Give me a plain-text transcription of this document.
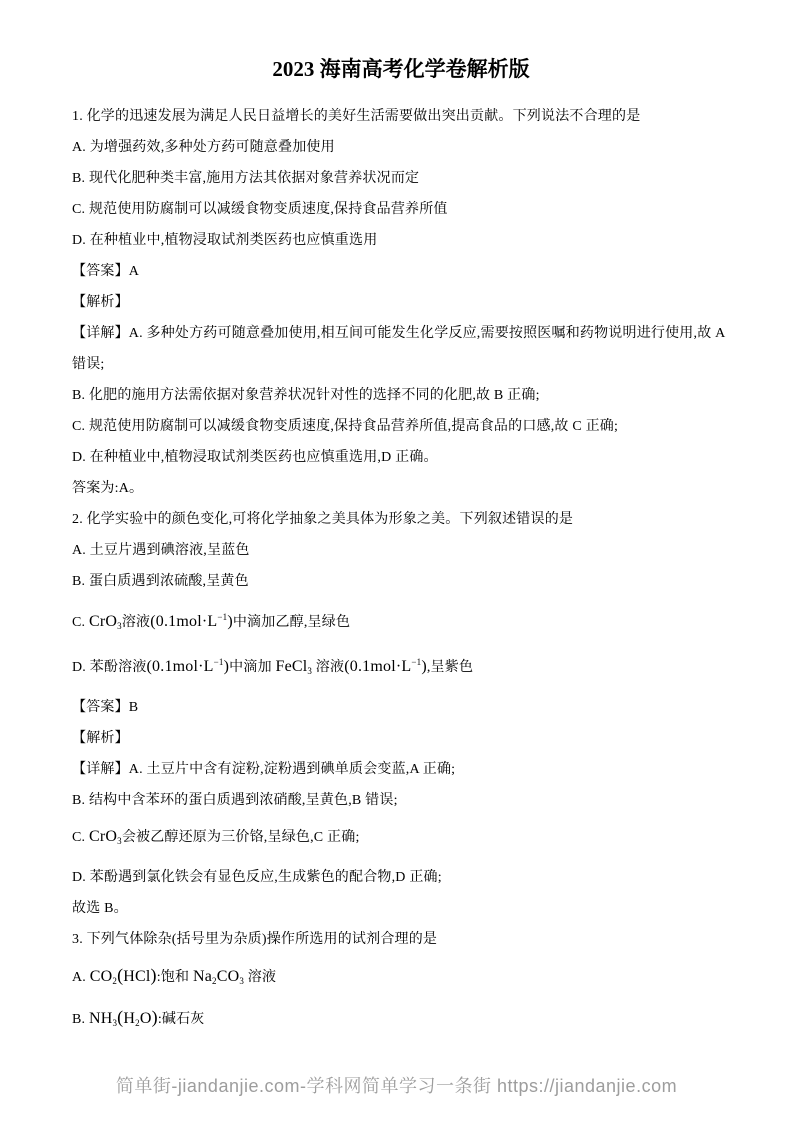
2023 海南高考化学卷解析版

1. 化学的迅速发展为满足人民日益增长的美好生活需要做出突出贡献。下列说法不合理的是

A. 为增强药效,多种处方药可随意叠加使用

B. 现代化肥种类丰富,施用方法其依据对象营养状况而定

C. 规范使用防腐制可以减缓食物变质速度,保持食品营养所值

D. 在种植业中,植物浸取试剂类医药也应慎重选用

【答案】A

【解析】

【详解】A. 多种处方药可随意叠加使用,相互间可能发生化学反应,需要按照医嘱和药物说明进行使用,故 A 错误;

B. 化肥的施用方法需依据对象营养状况针对性的选择不同的化肥,故 B 正确;

C. 规范使用防腐制可以减缓食物变质速度,保持食品营养所值,提高食品的口感,故 C 正确;

D. 在种植业中,植物浸取试剂类医药也应慎重选用,D 正确。

答案为:A。

2. 化学实验中的颜色变化,可将化学抽象之美具体为形象之美。下列叙述错误的是

A. 土豆片遇到碘溶液,呈蓝色

B. 蛋白质遇到浓硫酸,呈黄色

C. CrO$_3$溶液$(0.1mol\cdot L^{-1})$中滴加乙醇,呈绿色

D. 苯酚溶液$(0.1mol\cdot L^{-1})$中滴加 FeCl$_3$ 溶液$(0.1mol\cdot L^{-1})$,呈紫色

【答案】B

【解析】

【详解】A. 土豆片中含有淀粉,淀粉遇到碘单质会变蓝,A 正确;

B. 结构中含苯环的蛋白质遇到浓硝酸,呈黄色,B 错误;

C. CrO$_3$会被乙醇还原为三价铬,呈绿色,C 正确;

D. 苯酚遇到氯化铁会有显色反应,生成紫色的配合物,D 正确;

故选 B。

3. 下列气体除杂(括号里为杂质)操作所选用的试剂合理的是

A. $CO_2(HCl)$:饱和 $Na_2CO_3$ 溶液

B. $NH_3(H_2O)$:碱石灰

简单街-jiandanjie.com-学科网简单学习一条街 https://jiandanjie.com
